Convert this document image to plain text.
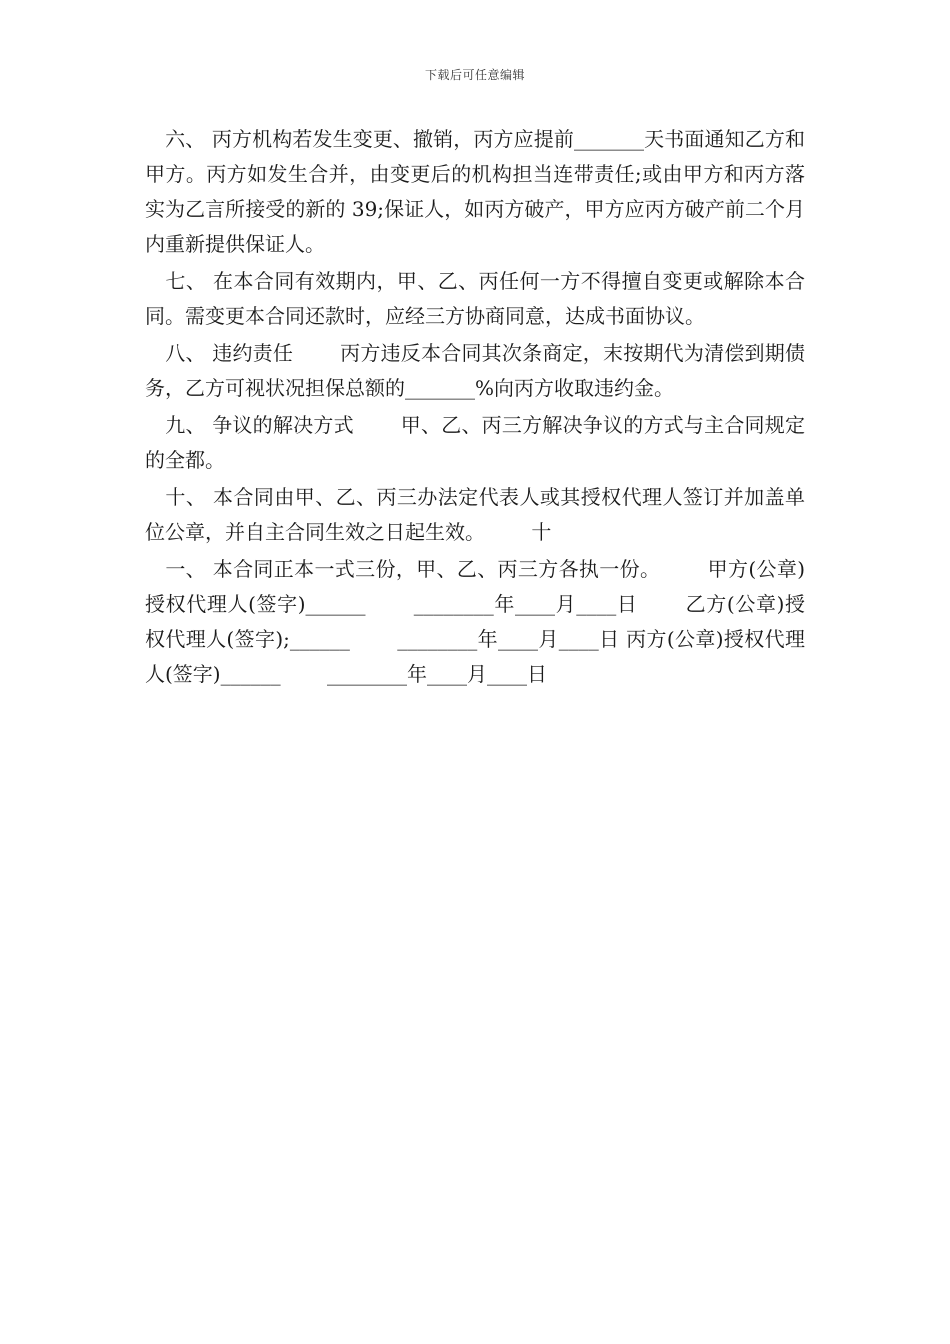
下载后可任意编辑

六、 丙方机构若发生变更、撤销，丙方应提前_______天书面通知乙方和甲方。丙方如发生合并，由变更后的机构担当连带责任;或由甲方和丙方落实为乙言所接受的新的 39;保证人，如丙方破产，甲方应丙方破产前二个月内重新提供保证人。

七、 在本合同有效期内，甲、乙、丙任何一方不得擅自变更或解除本合同。需变更本合同还款时，应经三方协商同意，达成书面协议。

八、 违约责任 　　丙方违反本合同其次条商定，末按期代为清偿到期债务，乙方可视状况担保总额的_______%向丙方收取违约金。

九、 争议的解决方式 　　甲、乙、丙三方解决争议的方式与主合同规定的全都。

十、 本合同由甲、乙、丙三办法定代表人或其授权代理人签订并加盖单位公章，并自主合同生效之日起生效。 　　十

一、 本合同正本一式三份，甲、乙、丙三方各执一份。 　　甲方(公章)授权代理人(签字)______ 　　________年____月____日 　　乙方(公章)授权代理人(签字);______ 　　________年____月____日 丙方(公章)授权代理人(签字)______ 　　________年____月____日
